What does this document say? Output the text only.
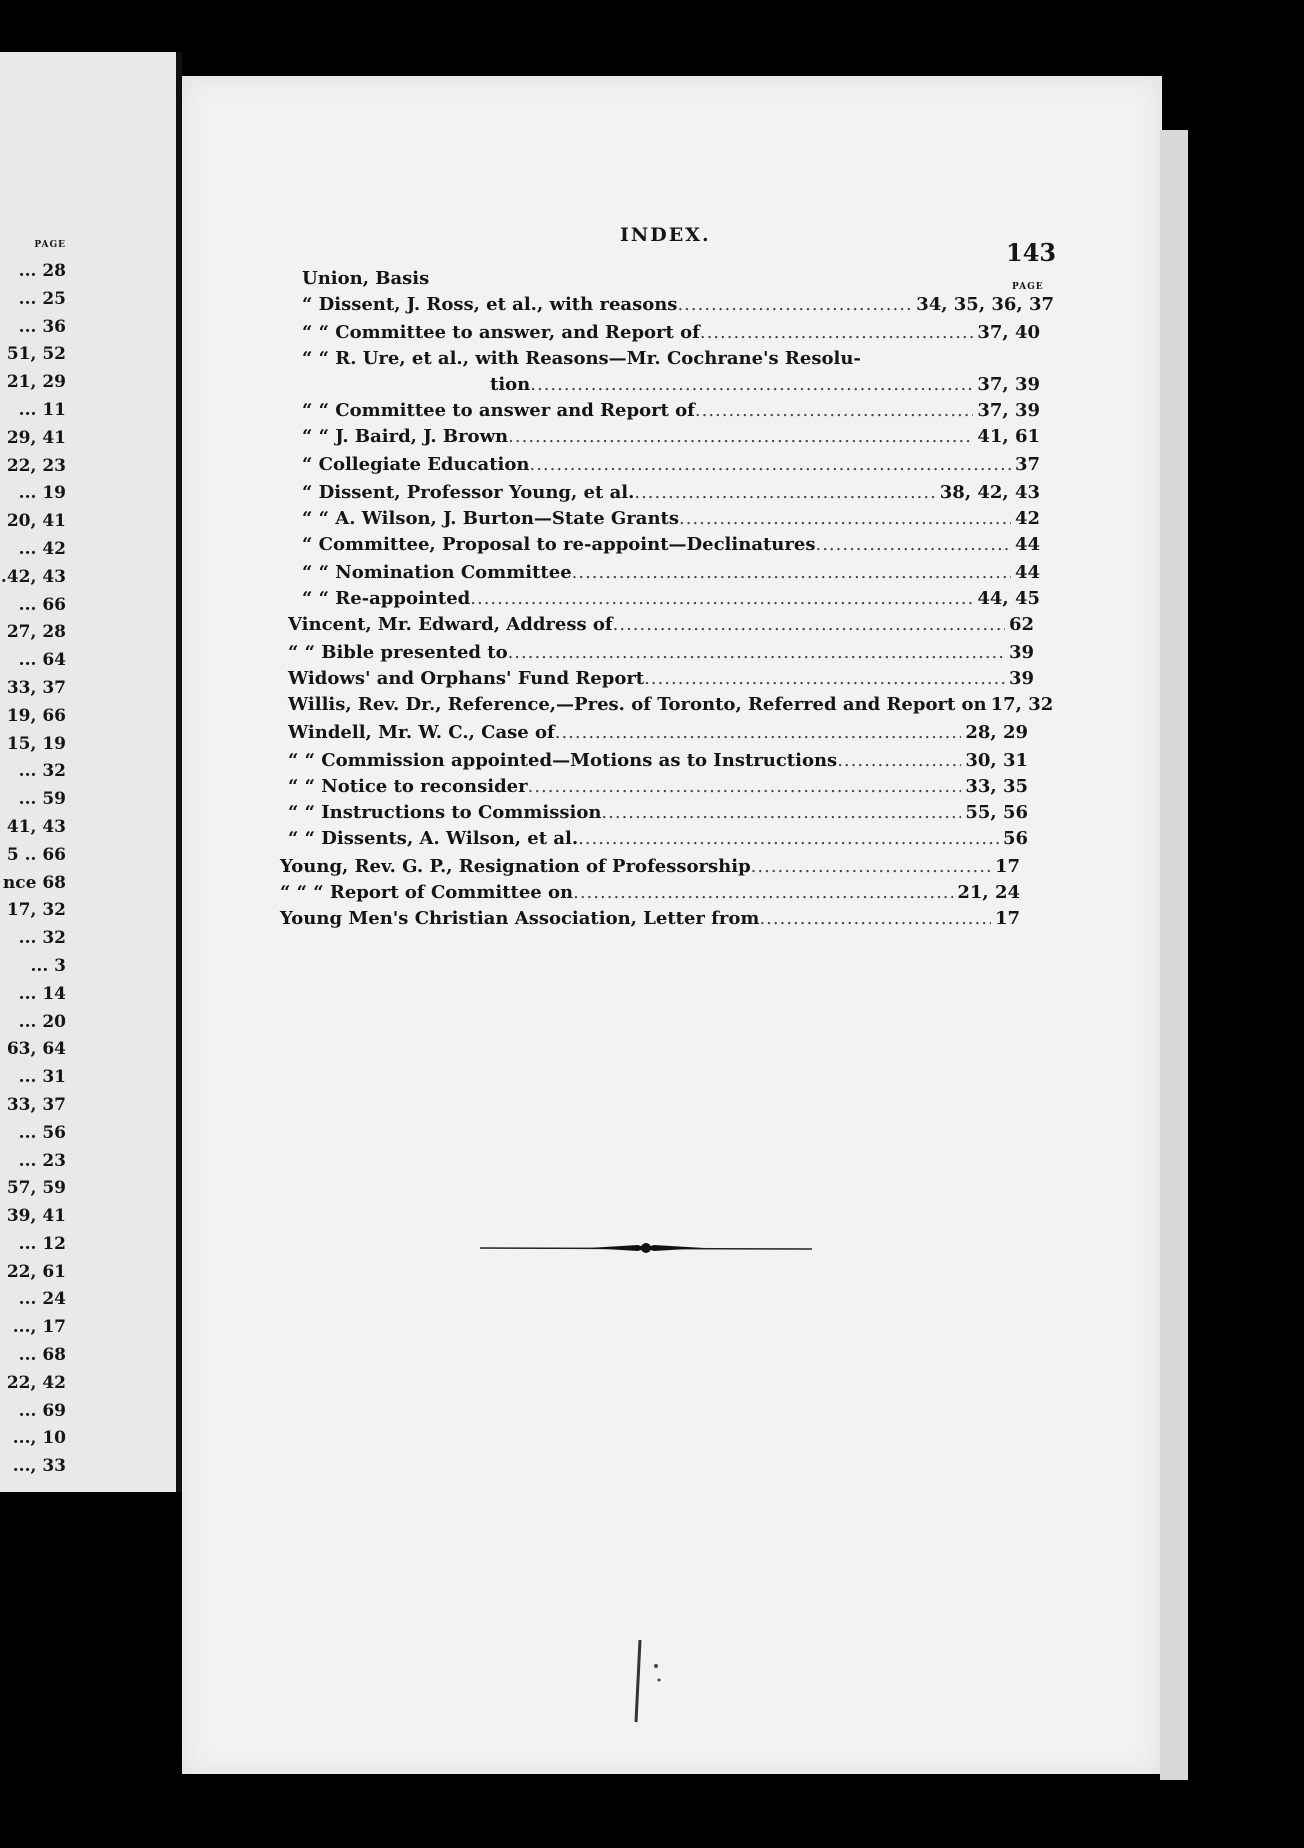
PAGE
... 28
... 25
... 36
51, 52
21, 29
... 11
29, 41
22, 23
... 19
20, 41
... 42
.42, 43
... 66
27, 28
... 64
33, 37
19, 66
15, 19
... 32
... 59
41, 43
5 .. 66
nce 68
17, 32
... 32
... 3
... 14
... 20
63, 64
... 31
33, 37
... 56
... 23
57, 59
39, 41
... 12
22, 61
... 24
..., 17
... 68
22, 42
... 69
..., 10
..., 33
INDEX.
143
PAGE
Union, Basis
“ Dissent, J. Ross, et al., with reasons .....	34, 35, 36, 37
“ “ Committee to answer, and Report of .....	37, 40
“ “ R. Ure, et al., with Reasons—Mr. Cochrane's Resolu-
tion .....	37, 39
“ “ Committee to answer and Report of .....	37, 39
“ “ J. Baird, J. Brown .....	41, 61
“ Collegiate Education .....	37
“ Dissent, Professor Young, et al. .....	38, 42, 43
“ “ A. Wilson, J. Burton—State Grants .....	42
“ Committee, Proposal to re-appoint—Declinatures .....	44
“ “ Nomination Committee .....	44
“ “ Re-appointed .....	44, 45
Vincent, Mr. Edward, Address of .....	62
“ “ Bible presented to .....	39
Widows' and Orphans' Fund Report .....	39
Willis, Rev. Dr., Reference,—Pres. of Toronto, Referred and Report on 17, 32
Windell, Mr. W. C., Case of .....	28, 29
“ “ Commission appointed—Motions as to Instructions .....	30, 31
“ “ Notice to reconsider .....	33, 35
“ “ Instructions to Commission .....	55, 56
“ “ Dissents, A. Wilson, et al. .....	56
Young, Rev. G. P., Resignation of Professorship .....	17
“ “ “ Report of Committee on .....	21, 24
Young Men's Christian Association, Letter from .....	17
